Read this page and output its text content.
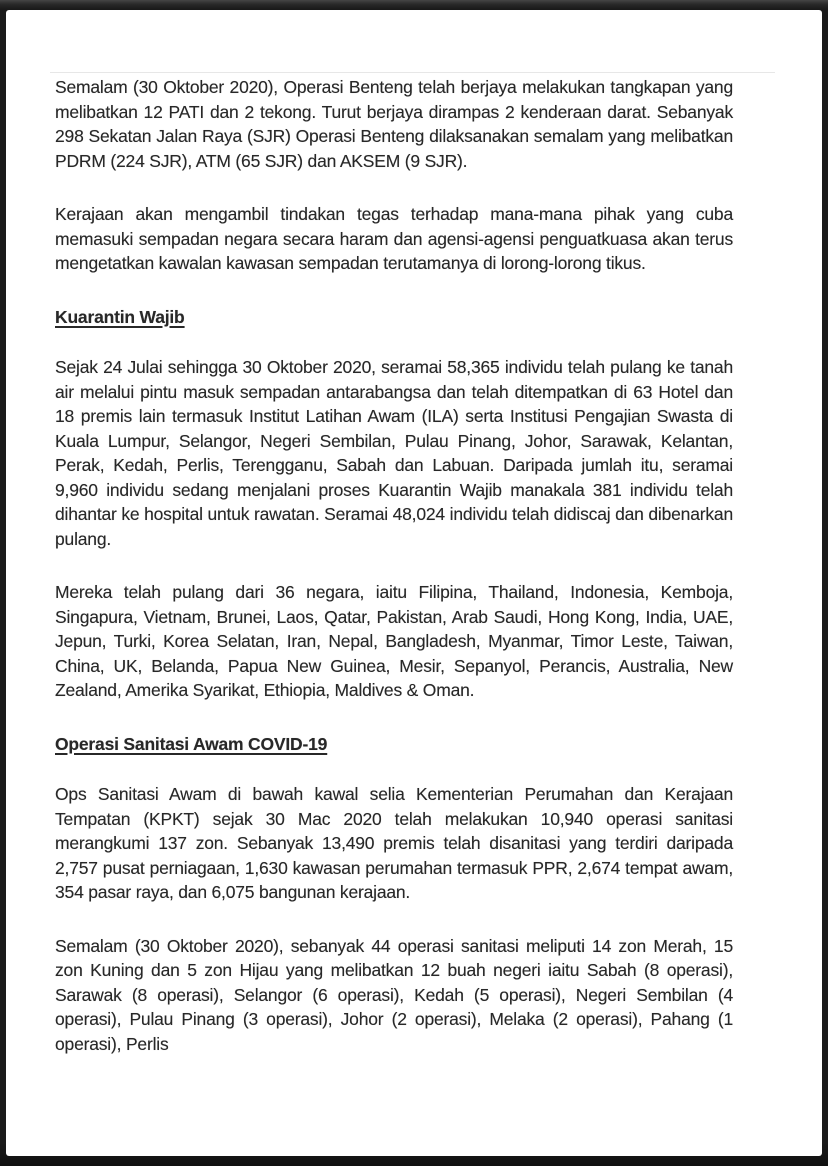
Semalam (30 Oktober 2020), Operasi Benteng telah berjaya melakukan tangkapan yang melibatkan 12 PATI dan 2 tekong. Turut berjaya dirampas 2 kenderaan darat. Sebanyak 298 Sekatan Jalan Raya (SJR) Operasi Benteng dilaksanakan semalam yang melibatkan PDRM (224 SJR), ATM (65 SJR) dan AKSEM (9 SJR).

Kerajaan akan mengambil tindakan tegas terhadap mana-mana pihak yang cuba memasuki sempadan negara secara haram dan agensi-agensi penguatkuasa akan terus mengetatkan kawalan kawasan sempadan terutamanya di lorong-lorong tikus.

Kuarantin Wajib

Sejak 24 Julai sehingga 30 Oktober 2020, seramai 58,365 individu telah pulang ke tanah air melalui pintu masuk sempadan antarabangsa dan telah ditempatkan di 63 Hotel dan 18 premis lain termasuk Institut Latihan Awam (ILA) serta Institusi Pengajian Swasta di Kuala Lumpur, Selangor, Negeri Sembilan, Pulau Pinang, Johor, Sarawak, Kelantan, Perak, Kedah, Perlis, Terengganu, Sabah dan Labuan. Daripada jumlah itu, seramai 9,960 individu sedang menjalani proses Kuarantin Wajib manakala 381 individu telah dihantar ke hospital untuk rawatan. Seramai 48,024 individu telah didiscaj dan dibenarkan pulang.

Mereka telah pulang dari 36 negara, iaitu Filipina, Thailand, Indonesia, Kemboja, Singapura, Vietnam, Brunei, Laos, Qatar, Pakistan, Arab Saudi, Hong Kong, India, UAE, Jepun, Turki, Korea Selatan, Iran, Nepal, Bangladesh, Myanmar, Timor Leste, Taiwan, China, UK, Belanda, Papua New Guinea, Mesir, Sepanyol, Perancis, Australia, New Zealand, Amerika Syarikat, Ethiopia, Maldives & Oman.

Operasi Sanitasi Awam COVID-19

Ops Sanitasi Awam di bawah kawal selia Kementerian Perumahan dan Kerajaan Tempatan (KPKT) sejak 30 Mac 2020 telah melakukan 10,940 operasi sanitasi merangkumi 137 zon. Sebanyak 13,490 premis telah disanitasi yang terdiri daripada 2,757 pusat perniagaan, 1,630 kawasan perumahan termasuk PPR, 2,674 tempat awam, 354 pasar raya, dan 6,075 bangunan kerajaan.

Semalam (30 Oktober 2020), sebanyak 44 operasi sanitasi meliputi 14 zon Merah, 15 zon Kuning dan 5 zon Hijau yang melibatkan 12 buah negeri iaitu Sabah (8 operasi), Sarawak (8 operasi), Selangor (6 operasi), Kedah (5 operasi), Negeri Sembilan (4 operasi), Pulau Pinang (3 operasi), Johor (2 operasi), Melaka (2 operasi), Pahang (1 operasi), Perlis
